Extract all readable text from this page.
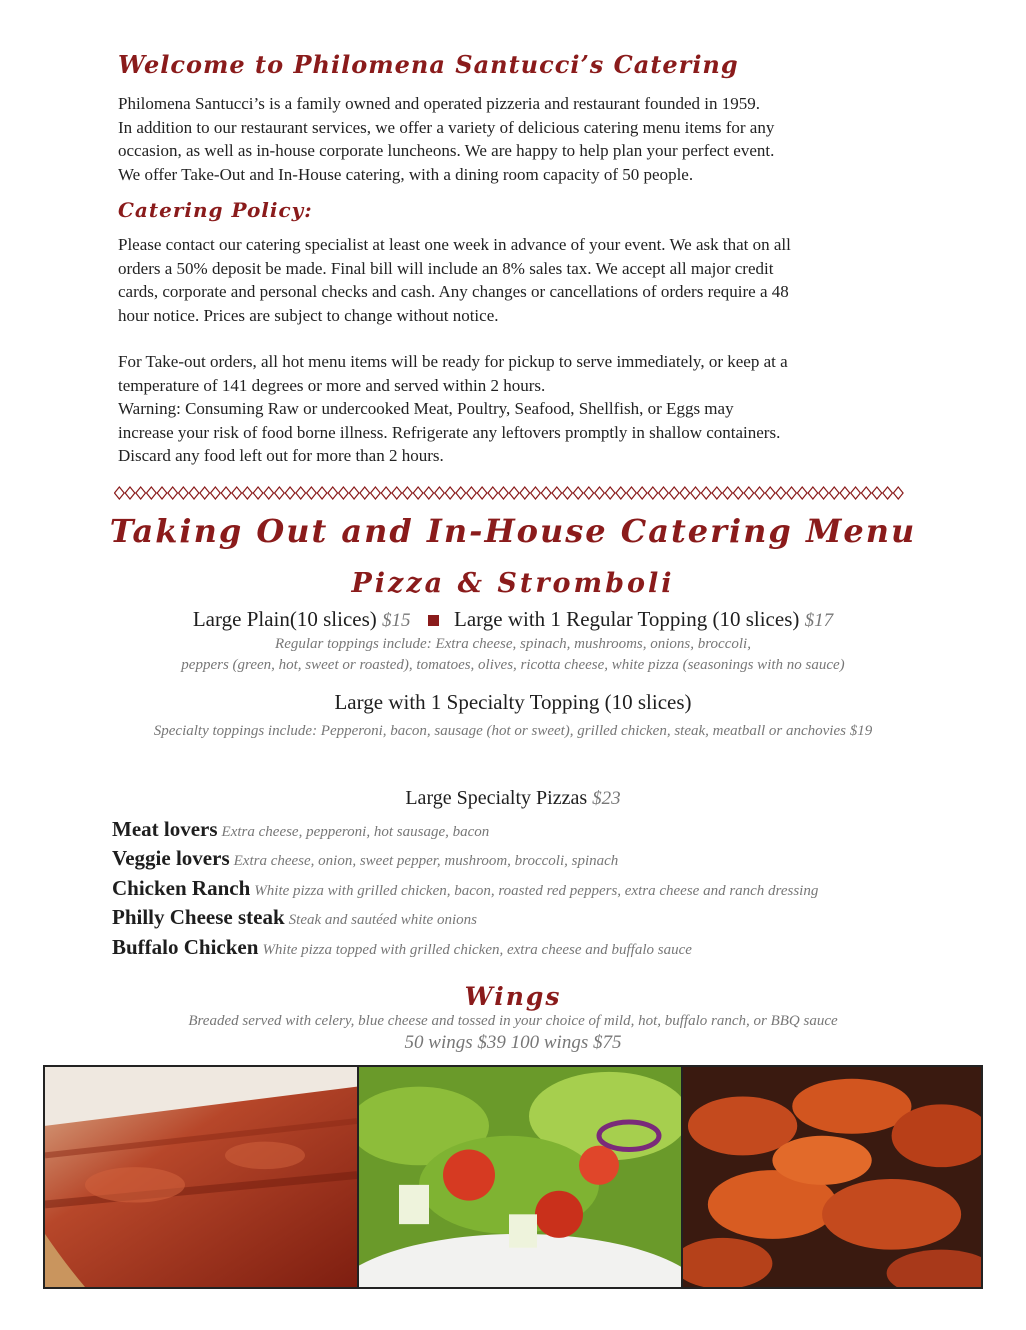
Welcome to Philomena Santucci’s Catering
Philomena Santucci’s is a family owned and operated pizzeria and restaurant founded in 1959.
In addition to our restaurant services, we offer a variety of delicious catering menu items for any
occasion, as well as in-house corporate luncheons. We are happy to help plan your perfect event.
We offer Take-Out and In-House catering, with a dining room capacity of 50 people.
Catering Policy:
Please contact our catering specialist at least one week in advance of your event. We ask that on all
orders a 50% deposit be made. Final bill will include an 8% sales tax. We accept all major credit
cards, corporate and personal checks and cash. Any changes or cancellations of orders require a 48
hour notice. Prices are subject to change without notice.
For Take-out orders, all hot menu items will be ready for pickup to serve immediately, or keep at a
temperature of 141 degrees or more and served within 2 hours.
Warning: Consuming Raw or undercooked Meat, Poultry, Seafood, Shellfish, or Eggs may
increase your risk of food borne illness. Refrigerate any leftovers promptly in shallow containers.
Discard any food left out for more than 2 hours.
Taking Out and In-House Catering Menu
Pizza & Stromboli
Large Plain(10 slices) $15 Large with 1 Regular Topping (10 slices) $17
Regular toppings include: Extra cheese, spinach, mushrooms, onions, broccoli,
peppers (green, hot, sweet or roasted), tomatoes, olives, ricotta cheese, white pizza (seasonings with no sauce)
Large with 1 Specialty Topping (10 slices)
Specialty toppings include: Pepperoni, bacon, sausage (hot or sweet), grilled chicken, steak, meatball or anchovies $19
Large Specialty Pizzas $23
Meat lovers Extra cheese, pepperoni, hot sausage, bacon
Veggie lovers Extra cheese, onion, sweet pepper, mushroom, broccoli, spinach
Chicken Ranch White pizza with grilled chicken, bacon, roasted red peppers, extra cheese and ranch dressing
Philly Cheese steak Steak and sautéed white onions
Buffalo Chicken White pizza topped with grilled chicken, extra cheese and buffalo sauce
Wings
Breaded served with celery, blue cheese and tossed in your choice of mild, hot, buffalo ranch, or BBQ sauce
50 wings $39 100 wings $75
